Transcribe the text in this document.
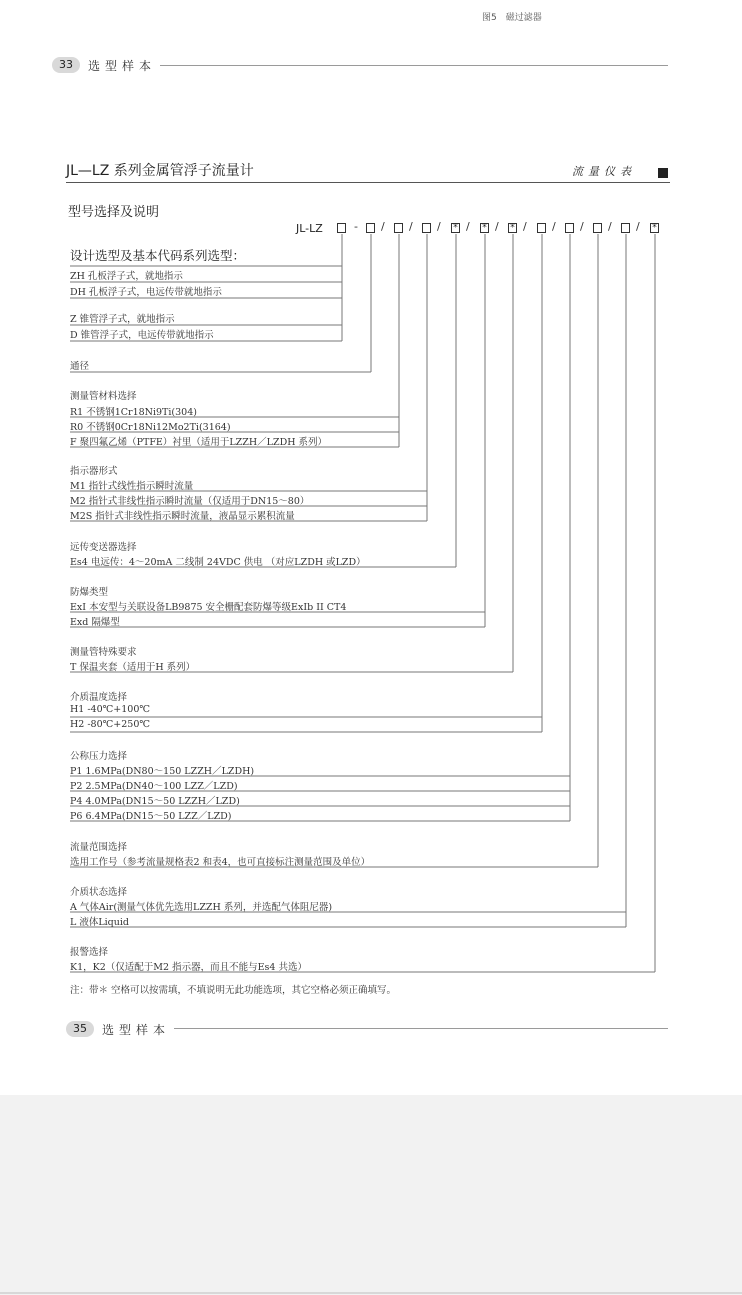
图5　磁过滤器
33	选型样本
JL—LZ 系列金属管浮子流量计	流量仪表
型号选择及说明
JL-LZ	- / / / * / * / * / / / / / *
设计选型及基本代码系列选型：
ZH 孔板浮子式，就地指示
DH 孔板浮子式，电远传带就地指示
Z 锥管浮子式，就地指示
D 锥管浮子式，电远传带就地指示
通径
测量管材料选择
R1 不锈钢1Cr18Ni9Ti(304)
R0 不锈钢0Cr18Ni12Mo2Ti(3164)
F 聚四氟乙烯（PTFE）衬里（适用于LZZH／LZDH 系列）
指示器形式
M1 指针式线性指示瞬时流量
M2 指针式非线性指示瞬时流量（仅适用于DN15～80）
M2S 指针式非线性指示瞬时流量，液晶显示累积流量
远传变送器选择
Es4 电远传：4～20mA 二线制 24VDC 供电 （对应LZDH 或LZD）
防爆类型
ExI 本安型与关联设备LB9875 安全栅配套防爆等级ExIb II CT4
Exd 隔爆型
测量管特殊要求
T 保温夹套（适用于H 系列）
介质温度选择
H1 -40℃+100℃
H2 -80℃+250℃
公称压力选择
P1 1.6MPa(DN80～150 LZZH／LZDH)
P2 2.5MPa(DN40～100 LZZ／LZD)
P4 4.0MPa(DN15～50 LZZH／LZD)
P6 6.4MPa(DN15～50 LZZ／LZD)
流量范围选择
选用工作号（参考流量规格表2 和表4，也可直接标注测量范围及单位）
介质状态选择
A 气体Air(测量气体优先选用LZZH 系列，并选配气体阻尼器)
L 液体Liquid
报警选择
K1，K2（仅适配于M2 指示器，而且不能与Es4 共选）
注：带＊ 空格可以按需填，不填说明无此功能选项，其它空格必须正确填写。
35	选型样本
